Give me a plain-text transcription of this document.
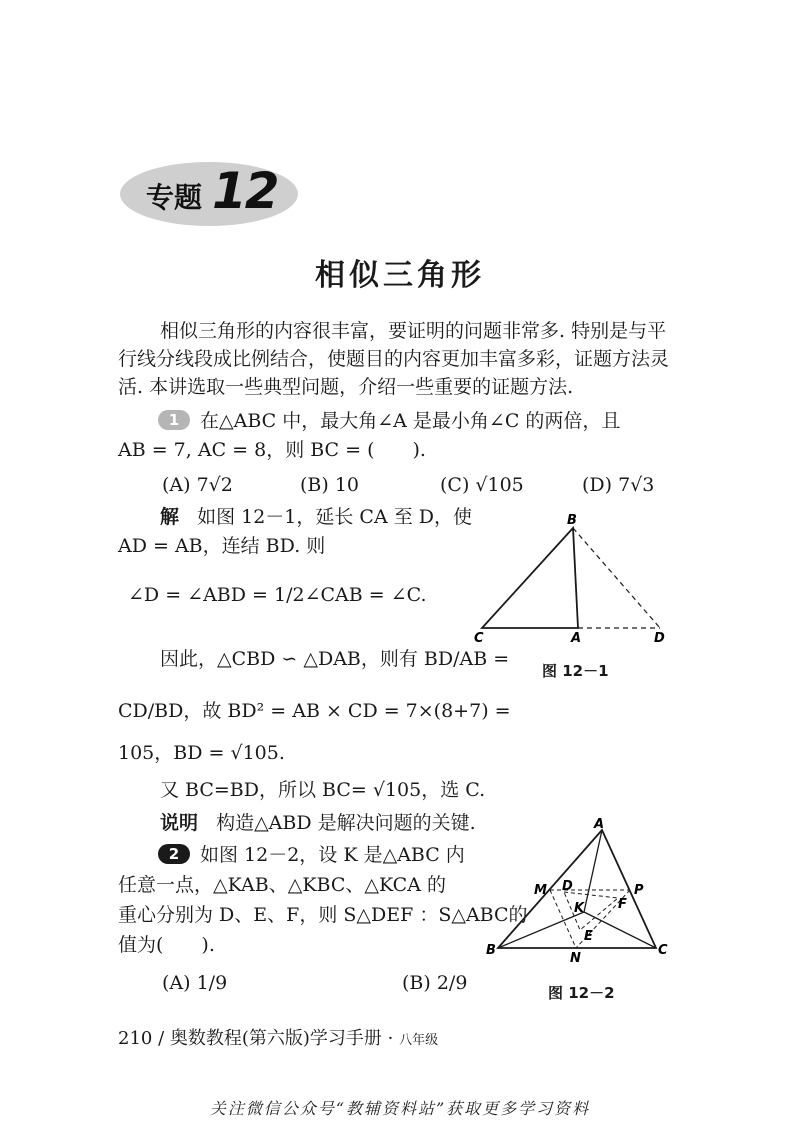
专题 12
相似三角形
相似三角形的内容很丰富，要证明的问题非常多. 特别是与平
行线分线段成比例结合，使题目的内容更加丰富多彩，证题方法灵
活. 本讲选取一些典型问题，介绍一些重要的证题方法.
1 在△ABC 中，最大角∠A 是最小角∠C 的两倍，且
AB = 7, AC = 8，则 BC = (　　).
(A) 7√2	(B) 10	(C) √105	(D) 7√3
解 如图 12－1，延长 CA 至 D，使
AD = AB，连结 BD. 则
∠D = ∠ABD = 1/2∠CAB = ∠C.
因此，△CBD ∽ △DAB，则有 BD/AB =
CD/BD，故 BD² = AB × CD = 7×(8+7) =
105，BD = √105.
又 BC=BD，所以 BC= √105，选 C.
说明 构造△ABD 是解决问题的关键.
B
C	A	D
图 12－1
2 如图 12－2，设 K 是△ABC 内
任意一点，△KAB、△KBC、△KCA 的
重心分别为 D、E、F，则 S△DEF ：S△ABC的
值为(　　).
(A) 1/9	(B) 2/9
A
M D	P
K	F
E
B
N
C
图 12－2
210 / 奥数教程(第六版)学习手册 · 八年级
关注微信公众号“教辅资料站”获取更多学习资料
